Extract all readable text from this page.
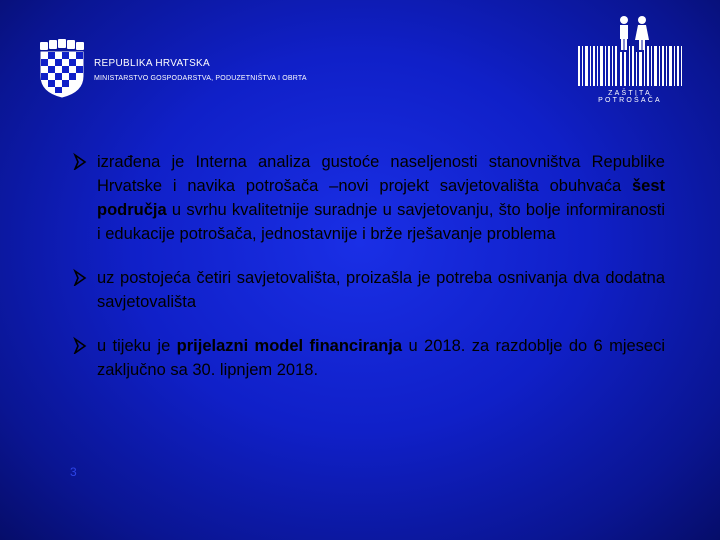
REPUBLIKA HRVATSKA
MINISTARSTVO GOSPODARSTVA, PODUZETNIŠTVA I OBRTA
ZAŠTITA POTROŠAČA
izrađena je Interna analiza gustoće naseljenosti stanovništva Republike Hrvatske i navika potrošača –novi projekt savjetovališta obuhvaća šest područja u svrhu kvalitetnije suradnje u savjetovanju, što bolje informiranosti i edukacije potrošača, jednostavnije i brže rješavanje problema
uz postojeća četiri savjetovališta, proizašla je potreba osnivanja dva dodatna savjetovališta
u tijeku je prijelazni model financiranja u 2018. za razdoblje do 6 mjeseci zaključno sa 30. lipnjem 2018.
3
